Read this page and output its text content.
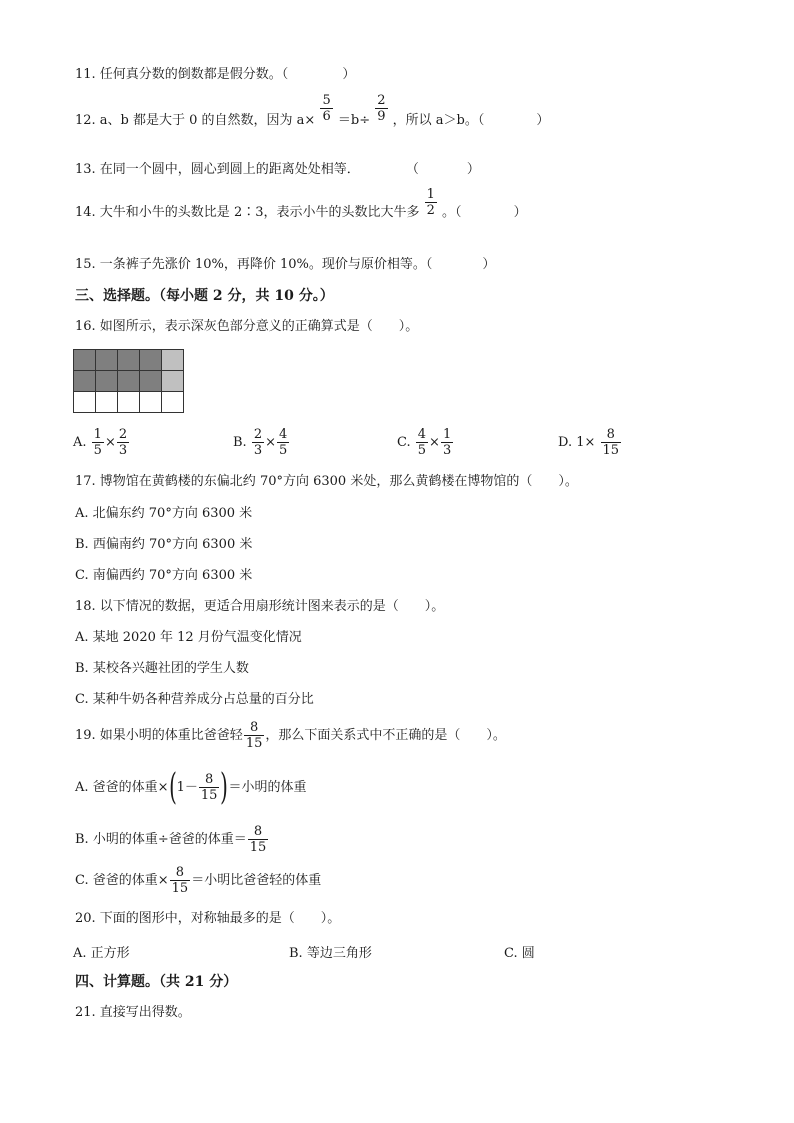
11. 任何真分数的倒数都是假分数。（	）
12. a、b 都是大于 0 的自然数，因为 $a\times \frac{5}{6} =b\div \frac{2}{9}$ ，所以 a＞b。（	）
13. 在同一个圆中，圆心到圆上的距离处处相等．	（	）
14. 大牛和小牛的头数比是 2∶3，表示小牛的头数比大牛多 $\frac{1}{2}$ 。（	）
15. 一条裤子先涨价 10%，再降价 10%。现价与原价相等。（	）
三、选择题。（每小题 2 分，共 10 分。）
16. 如图所示，表示深灰色部分意义的正确算式是（　　）。

A. $\frac{1}{5} \times \frac{2}{3}$	B. $\frac{2}{3} \times \frac{4}{5}$	C. $\frac{4}{5} \times \frac{1}{3}$	D. $1\times \frac{8}{15}$
17. 博物馆在黄鹤楼的东偏北约 70°方向 6300 米处，那么黄鹤楼在博物馆的（　　）。
A. 北偏东约 70°方向 6300 米
B. 西偏南约 70°方向 6300 米
C. 南偏西约 70°方向 6300 米
18. 以下情况的数据，更适合用扇形统计图来表示的是（　　）。
A. 某地 2020 年 12 月份气温变化情况
B. 某校各兴趣社团的学生人数
C. 某种牛奶各种营养成分占总量的百分比
19. 如果小明的体重比爸爸轻 $\frac{8}{15}$ ，那么下面关系式中不正确的是（　　）。
A. 爸爸的体重$\times(1- \frac{8}{15}$ )＝小明的体重
B. 小明的体重÷爸爸的体重＝ $\frac{8}{15}$
C. 爸爸的体重× $\frac{8}{15}$ ＝小明比爸爸轻的体重
20. 下面的图形中，对称轴最多的是（　　）。
A. 正方形	B. 等边三角形	C. 圆
四、计算题。（共 21 分）
21. 直接写出得数。
